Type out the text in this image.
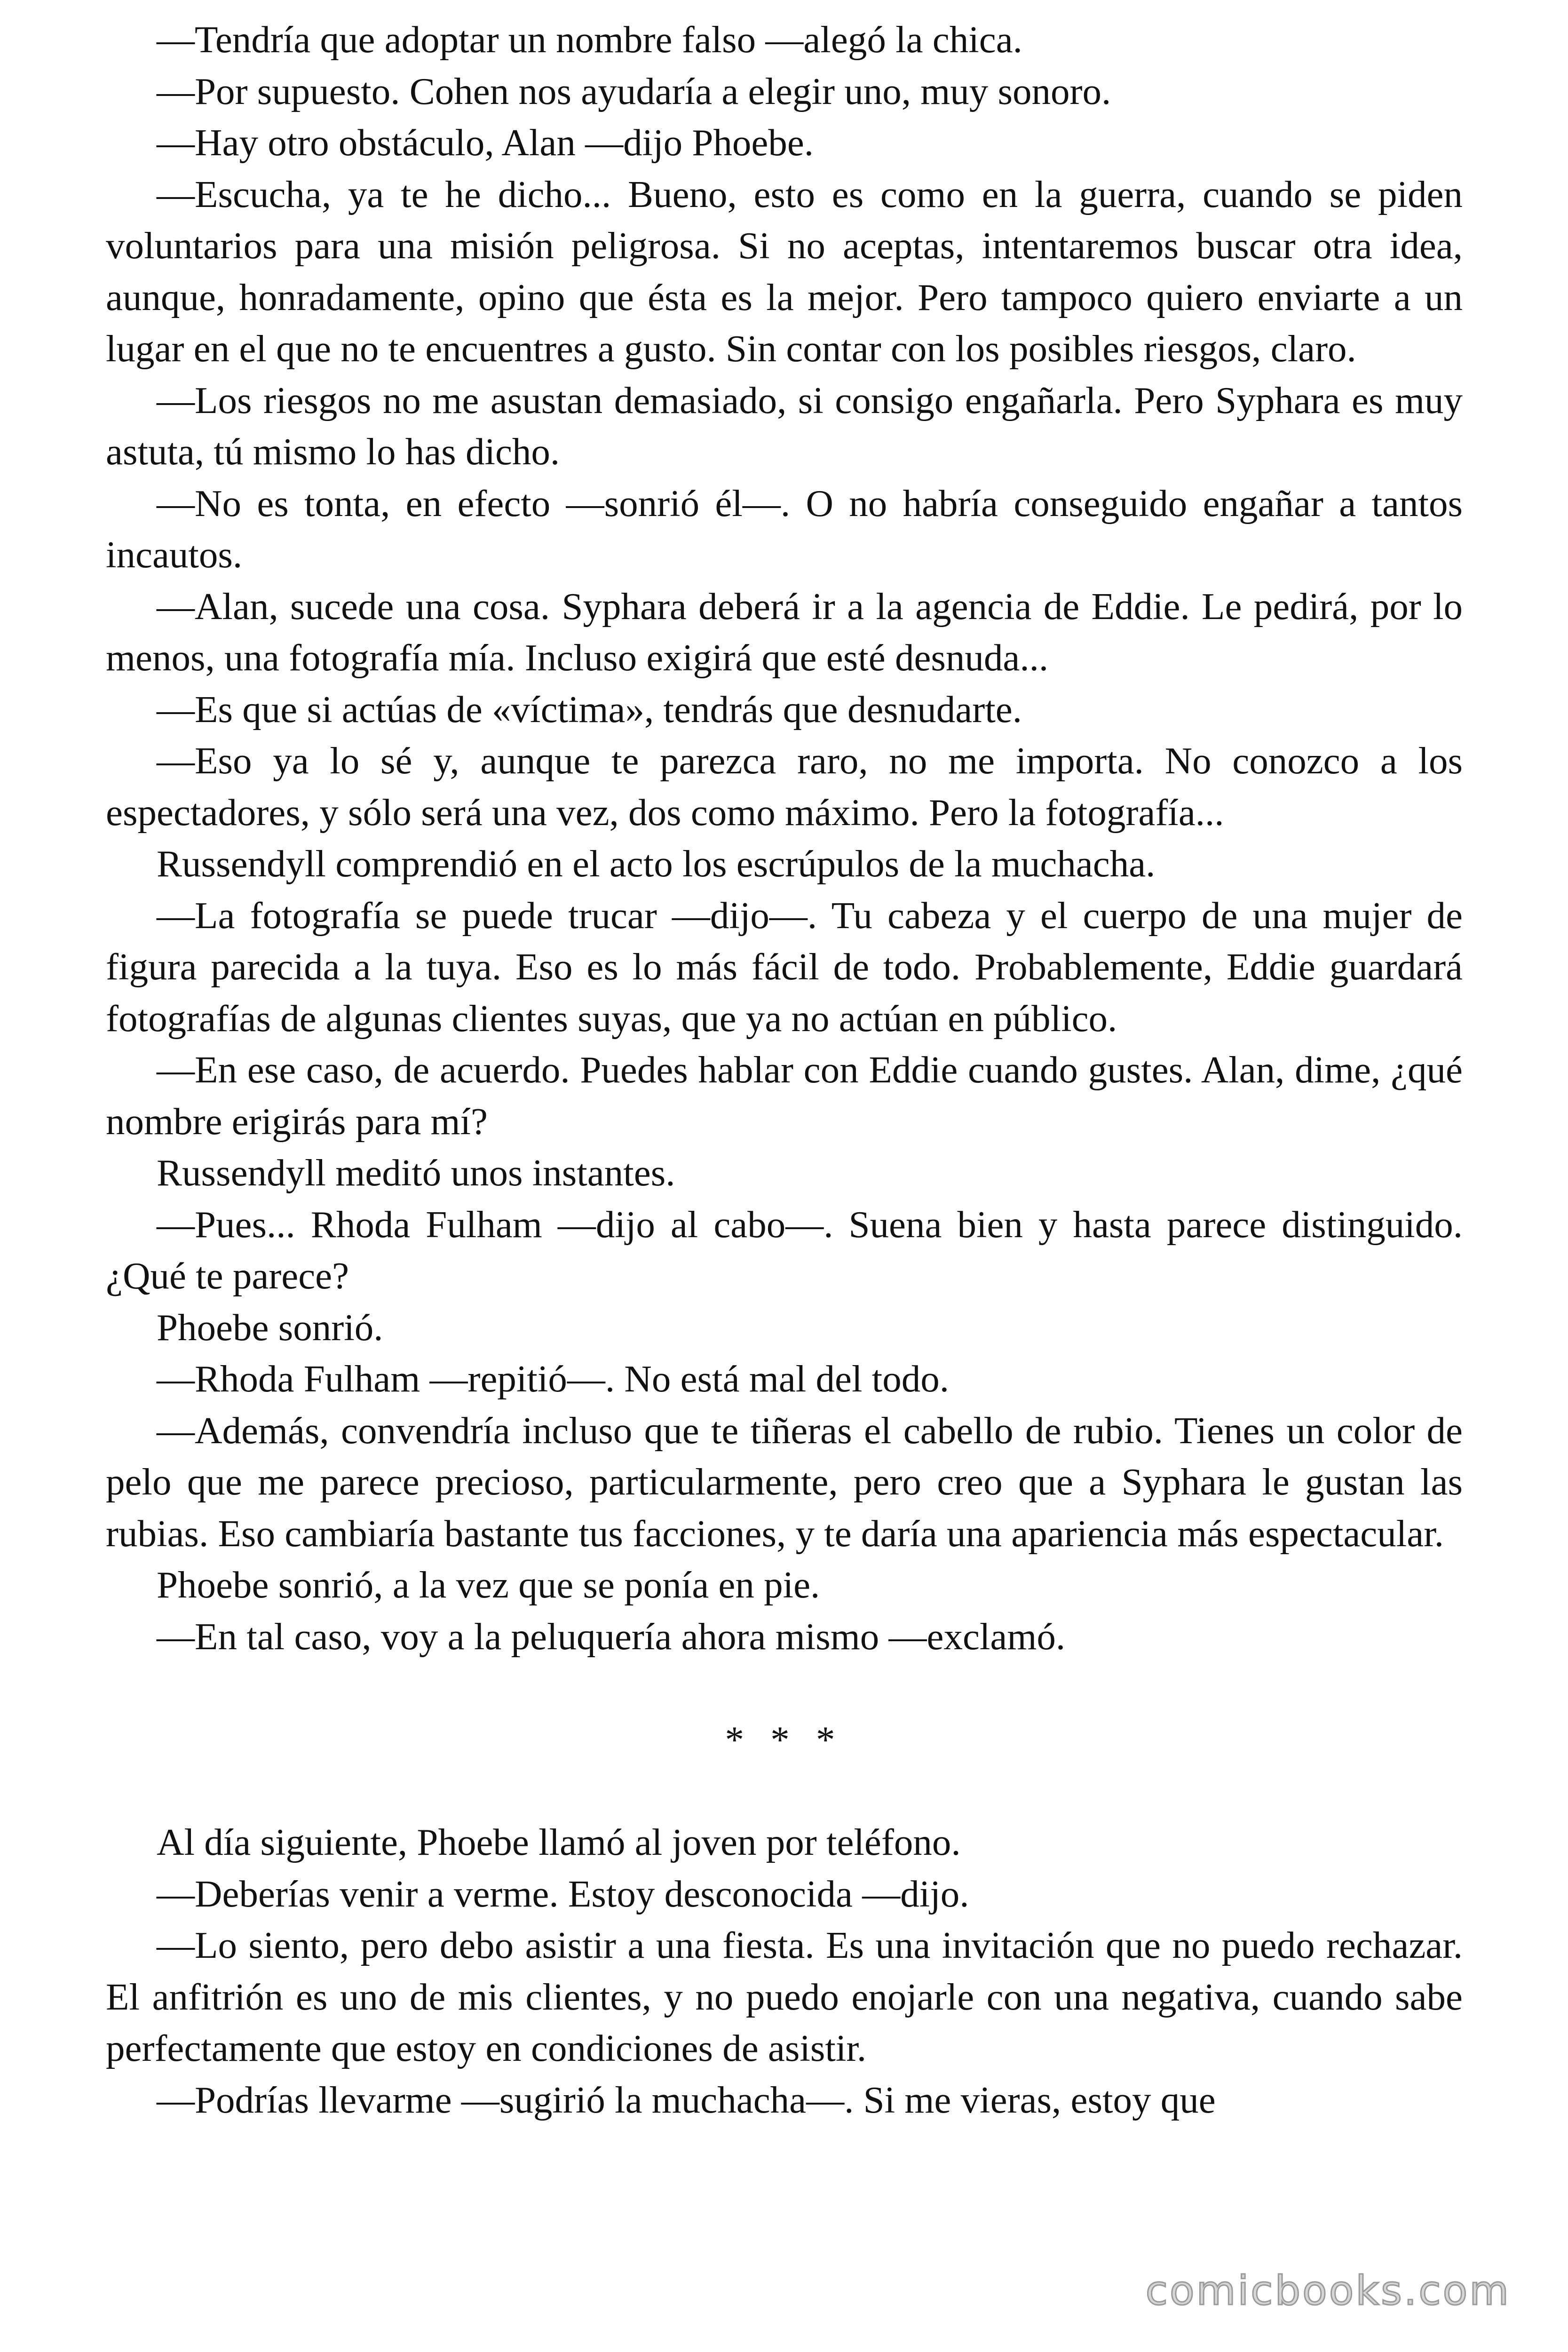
—Tendría que adoptar un nombre falso —alegó la chica.

—Por supuesto. Cohen nos ayudaría a elegir uno, muy sonoro.

—Hay otro obstáculo, Alan —dijo Phoebe.

—Escucha, ya te he dicho... Bueno, esto es como en la guerra, cuando se piden voluntarios para una misión peligrosa. Si no aceptas, intentaremos buscar otra idea, aunque, honradamente, opino que ésta es la mejor. Pero tampoco quiero enviarte a un lugar en el que no te encuentres a gusto. Sin contar con los posibles riesgos, claro.

—Los riesgos no me asustan demasiado, si consigo engañarla. Pero Syphara es muy astuta, tú mismo lo has dicho.

—No es tonta, en efecto —sonrió él—. O no habría conseguido engañar a tantos incautos.

—Alan, sucede una cosa. Syphara deberá ir a la agencia de Eddie. Le pedirá, por lo menos, una fotografía mía. Incluso exigirá que esté desnuda...

—Es que si actúas de «víctima», tendrás que desnudarte.

—Eso ya lo sé y, aunque te parezca raro, no me importa. No conozco a los espectadores, y sólo será una vez, dos como máximo. Pero la fotografía...

Russendyll comprendió en el acto los escrúpulos de la muchacha.

—La fotografía se puede trucar —dijo—. Tu cabeza y el cuerpo de una mujer de figura parecida a la tuya. Eso es lo más fácil de todo. Probablemente, Eddie guardará fotografías de algunas clientes suyas, que ya no actúan en público.

—En ese caso, de acuerdo. Puedes hablar con Eddie cuando gustes. Alan, dime, ¿qué nombre erigirás para mí?

Russendyll meditó unos instantes.

—Pues... Rhoda Fulham —dijo al cabo—. Suena bien y hasta parece distinguido. ¿Qué te parece?

Phoebe sonrió.

—Rhoda Fulham —repitió—. No está mal del todo.

—Además, convendría incluso que te tiñeras el cabello de rubio. Tienes un color de pelo que me parece precioso, particularmente, pero creo que a Syphara le gustan las rubias. Eso cambiaría bastante tus facciones, y te daría una apariencia más espectacular.

Phoebe sonrió, a la vez que se ponía en pie.

—En tal caso, voy a la peluquería ahora mismo —exclamó.

* * *

Al día siguiente, Phoebe llamó al joven por teléfono.

—Deberías venir a verme. Estoy desconocida —dijo.

—Lo siento, pero debo asistir a una fiesta. Es una invitación que no puedo rechazar. El anfitrión es uno de mis clientes, y no puedo enojarle con una negativa, cuando sabe perfectamente que estoy en condiciones de asistir.

—Podrías llevarme —sugirió la muchacha—. Si me vieras, estoy que

comicbooks.com
